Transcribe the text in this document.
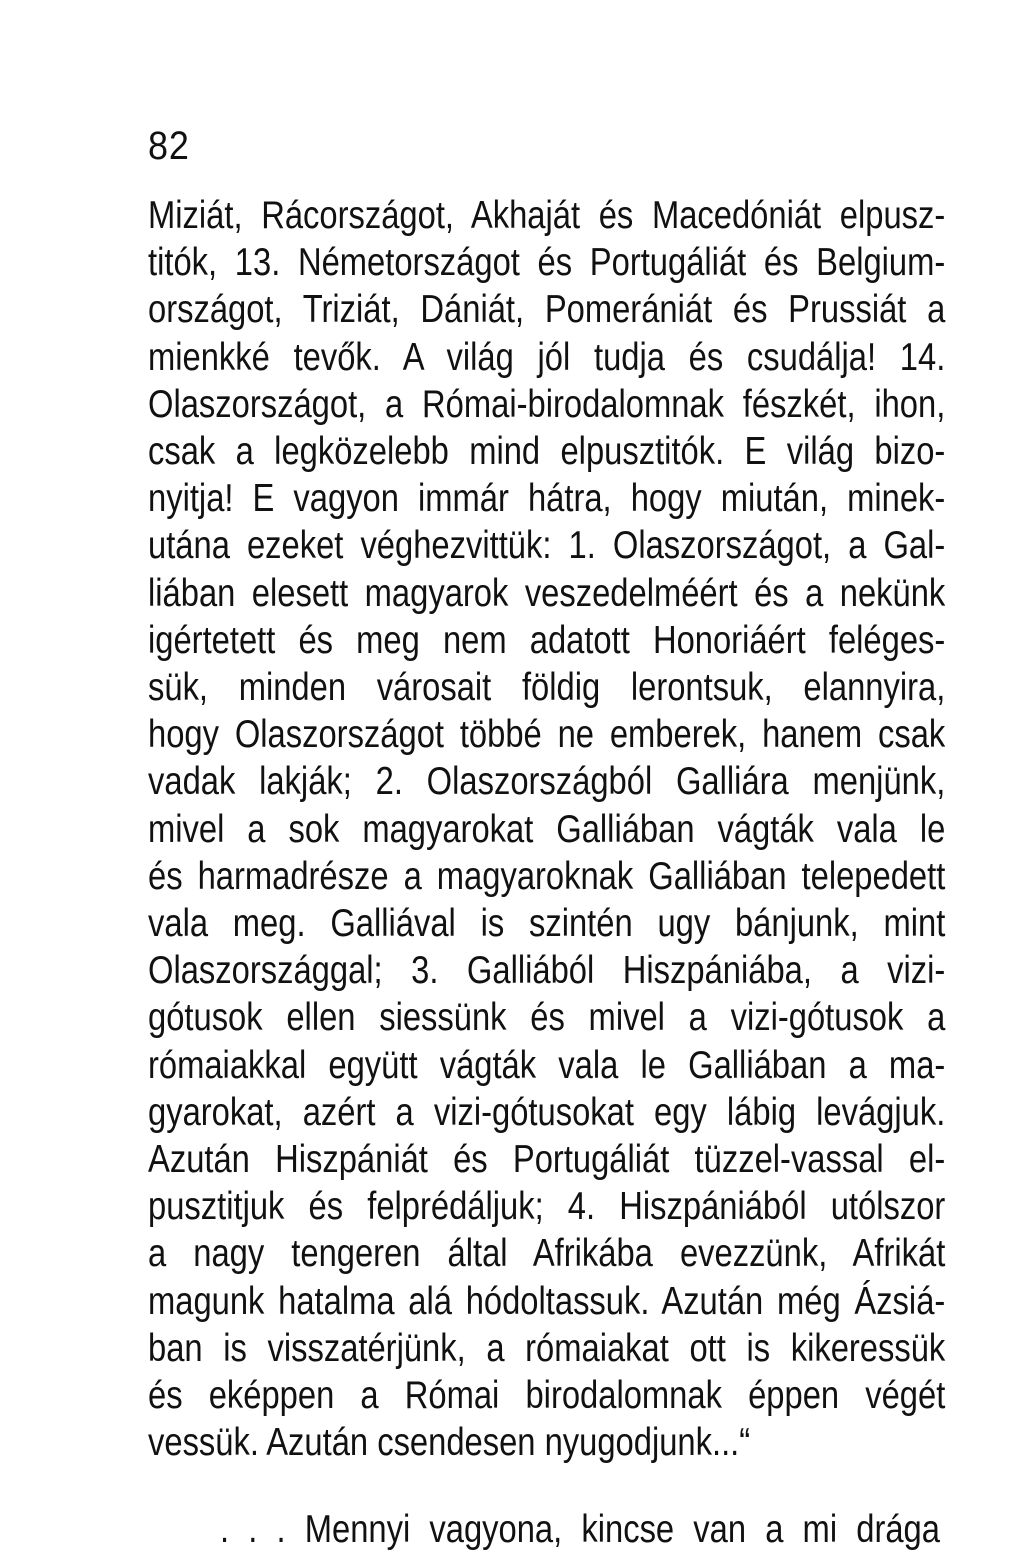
82
Miziát, Rácországot, Akhaját és Macedóniát elpusz-
titók, 13. Németországot és Portugáliát és Belgium-
országot, Triziát, Dániát, Pomerániát és Prussiát a
mienkké tevők. A világ jól tudja és csudálja! 14.
Olaszországot, a Római-birodalomnak fészkét, ihon,
csak a legközelebb mind elpusztitók. E világ bizo-
nyitja! E vagyon immár hátra, hogy miután, minek-
utána ezeket véghezvittük: 1. Olaszországot, a Gal-
liában elesett magyarok veszedelméért és a nekünk
igértetett és meg nem adatott Honoriáért feléges-
sük, minden városait földig lerontsuk, elannyira,
hogy Olaszországot többé ne emberek, hanem csak
vadak lakják; 2. Olaszországból Galliára menjünk,
mivel a sok magyarokat Galliában vágták vala le
és harmadrésze a magyaroknak Galliában telepedett
vala meg. Galliával is szintén ugy bánjunk, mint
Olaszországgal; 3. Galliából Hiszpániába, a vizi-
gótusok ellen siessünk és mivel a vizi-gótusok a
rómaiakkal együtt vágták vala le Galliában a ma-
gyarokat, azért a vizi-gótusokat egy lábig levágjuk.
Azután Hiszpániát és Portugáliát tüzzel-vassal el-
pusztitjuk és felprédáljuk; 4. Hiszpániából utólszor
a nagy tengeren által Afrikába evezzünk, Afrikát
magunk hatalma alá hódoltassuk. Azután még Ázsiá-
ban is visszatérjünk, a rómaiakat ott is kikeressük
és eképpen a Római birodalomnak éppen végét
vessük. Azután csendesen nyugodjunk...“
. . . Mennyi vagyona, kincse van a mi drága
